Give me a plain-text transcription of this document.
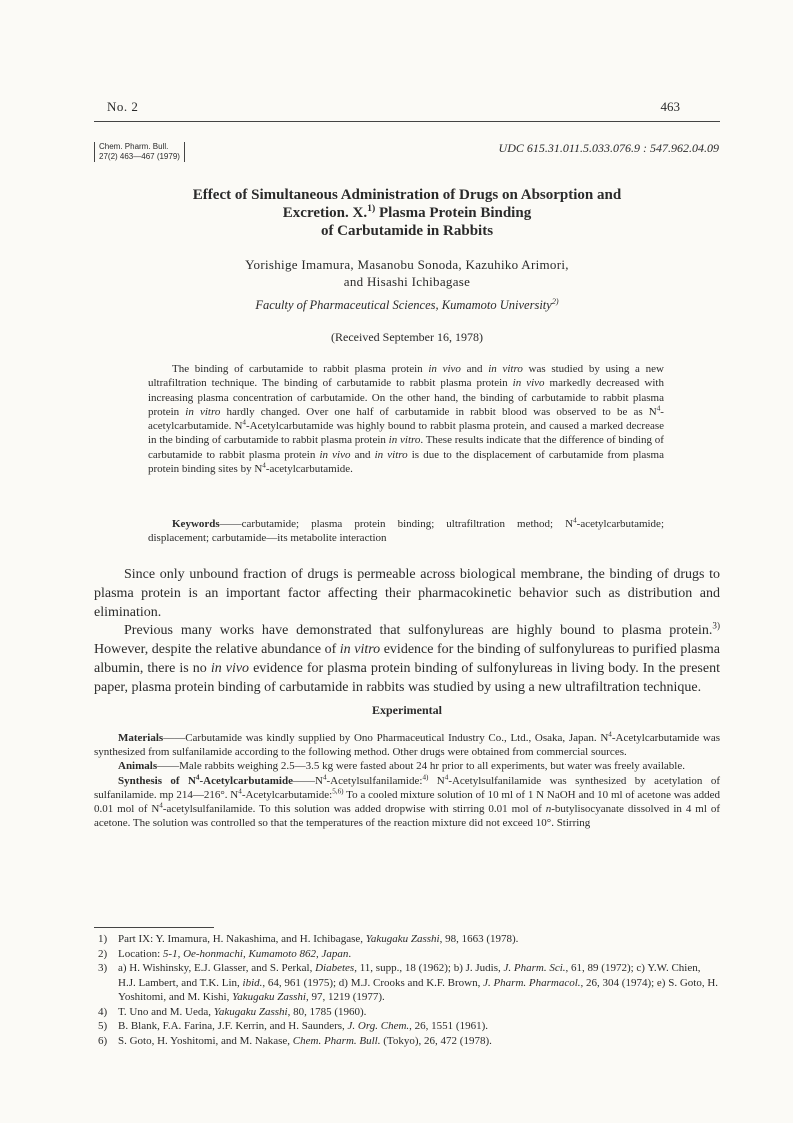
No. 2	463
Chem. Pharm. Bull.
27(2) 463—467 (1979)
UDC 615.31.011.5.033.076.9 : 547.962.04.09
Effect of Simultaneous Administration of Drugs on Absorption and
Excretion. X.$^{1)}$ Plasma Protein Binding
of Carbutamide in Rabbits
Yorishige Imamura, Masanobu Sonoda, Kazuhiko Arimori,
and Hisashi Ichibagase
Faculty of Pharmaceutical Sciences, Kumamoto University$^{2)}$
(Received September 16, 1978)

The binding of carbutamide to rabbit plasma protein in vivo and in vitro was studied by using a new ultrafiltration technique. The binding of carbutamide to rabbit plasma protein in vivo markedly decreased with increasing plasma concentration of carbutamide. On the other hand, the binding of carbutamide to rabbit plasma protein in vitro hardly changed. Over one half of carbutamide in rabbit blood was observed to be as $N^4$-acetylcarbutamide. $N^4$-Acetylcarbutamide was highly bound to rabbit plasma protein, and caused a marked decrease in the binding of carbutamide to rabbit plasma protein in vitro. These results indicate that the difference of binding of carbutamide to rabbit plasma protein in vivo and in vitro is due to the displacement of carbutamide from plasma protein binding sites by $N^4$-acetylcarbutamide.

Keywords——carbutamide; plasma protein binding; ultrafiltration method; $N^4$-acetylcarbutamide; displacement; carbutamide—its metabolite interaction

Since only unbound fraction of drugs is permeable across biological membrane, the binding of drugs to plasma protein is an important factor affecting their pharmacokinetic behavior such as distribution and elimination.

Previous many works have demonstrated that sulfonylureas are highly bound to plasma protein.$^{3)}$ However, despite the relative abundance of in vitro evidence for the binding of sulfonylureas to purified plasma albumin, there is no in vivo evidence for plasma protein binding of sulfonylureas in living body. In the present paper, plasma protein binding of carbutamide in rabbits was studied by using a new ultrafiltration technique.

Experimental

Materials——Carbutamide was kindly supplied by Ono Pharmaceutical Industry Co., Ltd., Osaka, Japan. $N^4$-Acetylcarbutamide was synthesized from sulfanilamide according to the following method. Other drugs were obtained from commercial sources.

Animals——Male rabbits weighing 2.5—3.5 kg were fasted about 24 hr prior to all experiments, but water was freely available.

Synthesis of $N^4-Acetylcarbutamide——N^4-Acetylsulfanilamide:^{4)}$ $N^4$-Acetylsulfanilamide was synthesized by acetylation of sulfanilamide. mp 214—216°. $N^4-Acetylcarbutamide:^{5,6)}$ To a cooled mixture solution of 10 ml of 1 N NaOH and 10 ml of acetone was added 0.01 mol of $N^4$-acetylsulfanilamide. To this solution was added dropwise with stirring 0.01 mol of n-butylisocyanate dissolved in 4 ml of acetone. The solution was controlled so that the temperatures of the reaction mixture did not exceed 10°. Stirring

1) Part IX: Y. Imamura, H. Nakashima, and H. Ichibagase, Yakugaku Zasshi, 98, 1663 (1978).
2) Location: 5-1, Oe-honmachi, Kumamoto 862, Japan.
3) a) H. Wishinsky, E.J. Glasser, and S. Perkal, Diabetes, 11, supp., 18 (1962); b) J. Judis, J. Pharm. Sci., 61, 89 (1972); c) Y.W. Chien, H.J. Lambert, and T.K. Lin, ibid., 64, 961 (1975); d) M.J. Crooks and K.F. Brown, J. Pharm. Pharmacol., 26, 304 (1974); e) S. Goto, H. Yoshitomi, and M. Kishi, Yakugaku Zasshi, 97, 1219 (1977).
4) T. Uno and M. Ueda, Yakugaku Zasshi, 80, 1785 (1960).
5) B. Blank, F.A. Farina, J.F. Kerrin, and H. Saunders, J. Org. Chem., 26, 1551 (1961).
6) S. Goto, H. Yoshitomi, and M. Nakase, Chem. Pharm. Bull. (Tokyo), 26, 472 (1978).
